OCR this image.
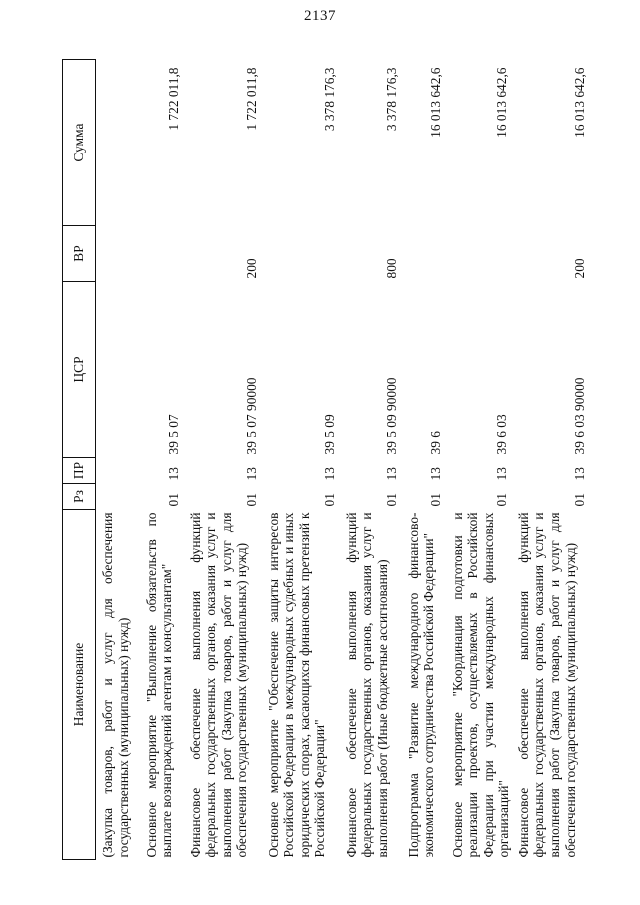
2137
Наименование	Рз	ПР	ЦСР	ВР	Сумма
(Закупка товаров, работ и услуг для обеспечения государственных (муниципальных) нужд)					
Основное мероприятие "Выполнение обязательств по выплате вознаграждений агентам и консультантам"	01	13	39 5 07		1 722 011,8
Финансовое обеспечение выполнения функций федеральных государственных органов, оказания услуг и выполнения работ (Закупка товаров, работ и услуг для обеспечения государственных (муниципальных) нужд)	01	13	39 5 07 90000	200	1 722 011,8
Основное мероприятие "Обеспечение защиты интересов Российской Федерации в международных судебных и иных юридических спорах, касающихся финансовых претензий к Российской Федерации"	01	13	39 5 09		3 378 176,3
Финансовое обеспечение выполнения функций федеральных государственных органов, оказания услуг и выполнения работ (Иные бюджетные ассигнования)	01	13	39 5 09 90000	800	3 378 176,3
Подпрограмма "Развитие международного финансово-экономического сотрудничества Российской Федерации"	01	13	39 6		16 013 642,6
Основное мероприятие "Координация подготовки и реализации проектов, осуществляемых в Российской Федерации при участии международных финансовых организаций"	01	13	39 6 03		16 013 642,6
Финансовое обеспечение выполнения функций федеральных государственных органов, оказания услуг и выполнения работ (Закупка товаров, работ и услуг для обеспечения государственных (муниципальных) нужд)	01	13	39 6 03 90000	200	16 013 642,6
